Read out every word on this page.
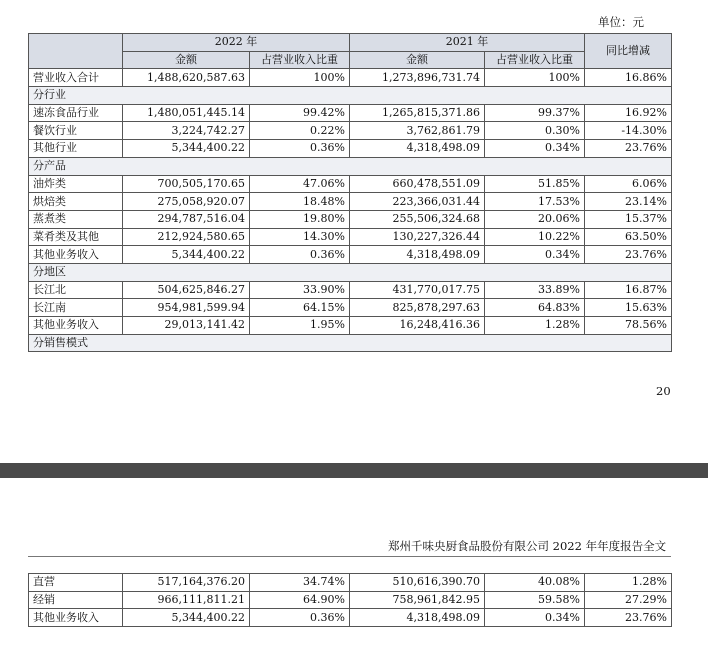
单位：元
	2022 年		2021 年		同比增减
	金额	占营业收入比重	金额	占营业收入比重	
营业收入合计	1,488,620,587.63	100%	1,273,896,731.74	100%	16.86%
分行业					
速冻食品行业	1,480,051,445.14	99.42%	1,265,815,371.86	99.37%	16.92%
餐饮行业	3,224,742.27	0.22%	3,762,861.79	0.30%	-14.30%
其他行业	5,344,400.22	0.36%	4,318,498.09	0.34%	23.76%
分产品					
油炸类	700,505,170.65	47.06%	660,478,551.09	51.85%	6.06%
烘焙类	275,058,920.07	18.48%	223,366,031.44	17.53%	23.14%
蒸煮类	294,787,516.04	19.80%	255,506,324.68	20.06%	15.37%
菜肴类及其他	212,924,580.65	14.30%	130,227,326.44	10.22%	63.50%
其他业务收入	5,344,400.22	0.36%	4,318,498.09	0.34%	23.76%
分地区					
长江北	504,625,846.27	33.90%	431,770,017.75	33.89%	16.87%
长江南	954,981,599.94	64.15%	825,878,297.63	64.83%	15.63%
其他业务收入	29,013,141.42	1.95%	16,248,416.36	1.28%	78.56%
分销售模式					
20
郑州千味央厨食品股份有限公司 2022 年年度报告全文
直营	517,164,376.20	34.74%	510,616,390.70	40.08%	1.28%
经销	966,111,811.21	64.90%	758,961,842.95	59.58%	27.29%
其他业务收入	5,344,400.22	0.36%	4,318,498.09	0.34%	23.76%
